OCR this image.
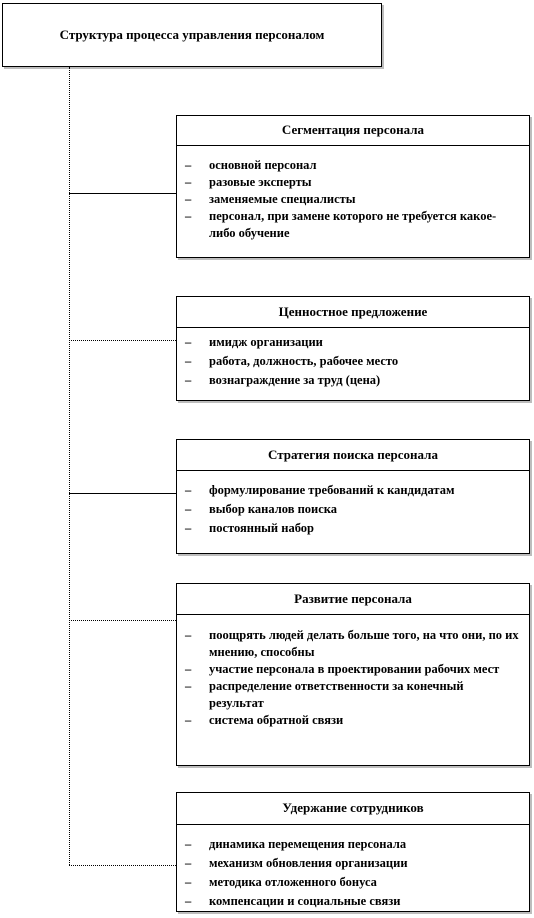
Структура процесса управления персоналом
Сегментация персонала
– основной персонал
– разовые эксперты
– заменяемые специалисты
– персонал, при замене которого не требуется какое-либо обучение
Ценностное предложение
– имидж организации
– работа, должность, рабочее место
– вознаграждение за труд (цена)
Стратегия поиска персонала
– формулирование требований к кандидатам
– выбор каналов поиска
– постоянный набор
Развитие персонала
– поощрять людей делать больше того, на что они, по их мнению, способны
– участие персонала в проектировании рабочих мест
– распределение ответственности за конечный результат
– система обратной связи
Удержание сотрудников
– динамика перемещения персонала
– механизм обновления организации
– методика отложенного бонуса
– компенсации и социальные связи
